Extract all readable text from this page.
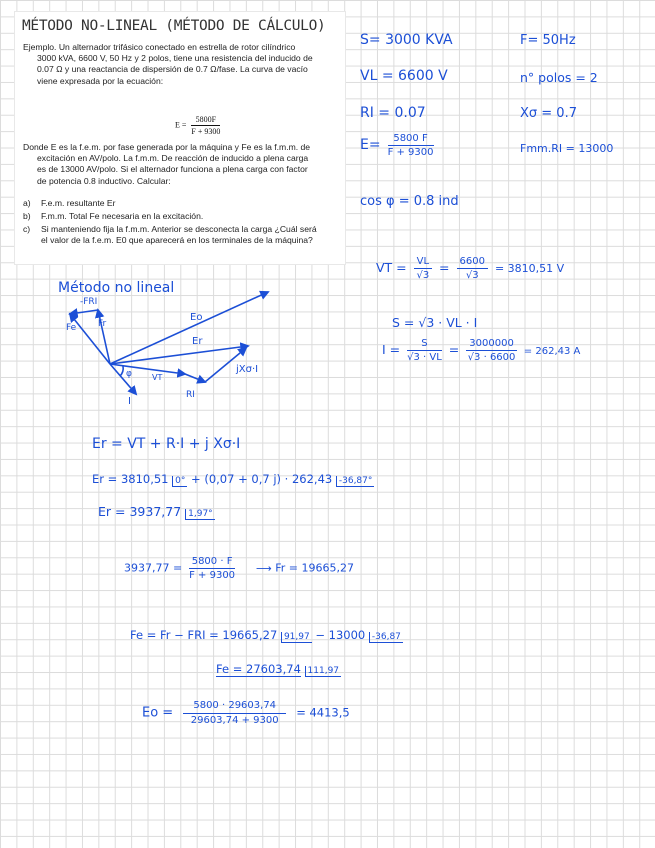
MÉTODO NO-LINEAL (MÉTODO DE CÁLCULO)
Ejemplo. Un alternador trifásico conectado en estrella de rotor cilíndrico
3000 kVA, 6600 V, 50 Hz y 2 polos, tiene una resistencia del inducido de
0.07 Ω y una reactancia de dispersión de 0.7 Ω/fase. La curva de vacío
viene expresada por la ecuación:
$E = \frac{5800F}{F + 9300}$
Donde E es la f.e.m. por fase generada por la máquina y Fe es la f.m.m. de
excitación en AV/polo. La f.m.m. De reacción de inducido a plena carga
es de 13000 AV/polo. Si el alternador funciona a plena carga con factor
de potencia 0.8 inductivo. Calcular:
a) F.e.m. resultante Er
b) F.m.m. Total Fe necesaria en la excitación.
c) Si manteniendo fija la f.m.m. Anterior se desconecta la carga ¿Cuál será
el valor de la f.e.m. E0 que aparecerá en los terminales de la máquina?
S= 3000 KVA	F= 50Hz
VL = 6600 V	n° polos = 2
RI = 0.07	Xσ = 0.7
$E= \frac{5800 F}{F + 9300}$	Fmm.RI = 13000
cos φ = 0.8 ind
Método no lineal
-FRI
Fe Fr
Eo
Er
VT
φ	jXσ·I
RI
I
VT = $\frac{VL}{√3} = \frac{6600}{√3} = 3810,51$ V
S = √3 · VL · I
$I = \frac{S}{√3 \cdot VL} = \frac{3000000}{√3 \cdot 6600} = 262,43$ A
Er = VT + R·I + j Xσ·I
Er = 3810,51 0° + (0,07 + 0,7 j) · 262,43 -36,87°
Er = 3937,77 1,97°
$3937,77 = \frac{5800 \cdot F}{F + 9300}$ ⟶ Fr = 19665,27
Fe = Fr − FRI = 19665,27 91,97 − 13000 -36,87
Fe = 27603,74 111,97
$Eo = \frac{5800 \cdot 29603,74}{29603,74 + 9300} = 4413,5$
